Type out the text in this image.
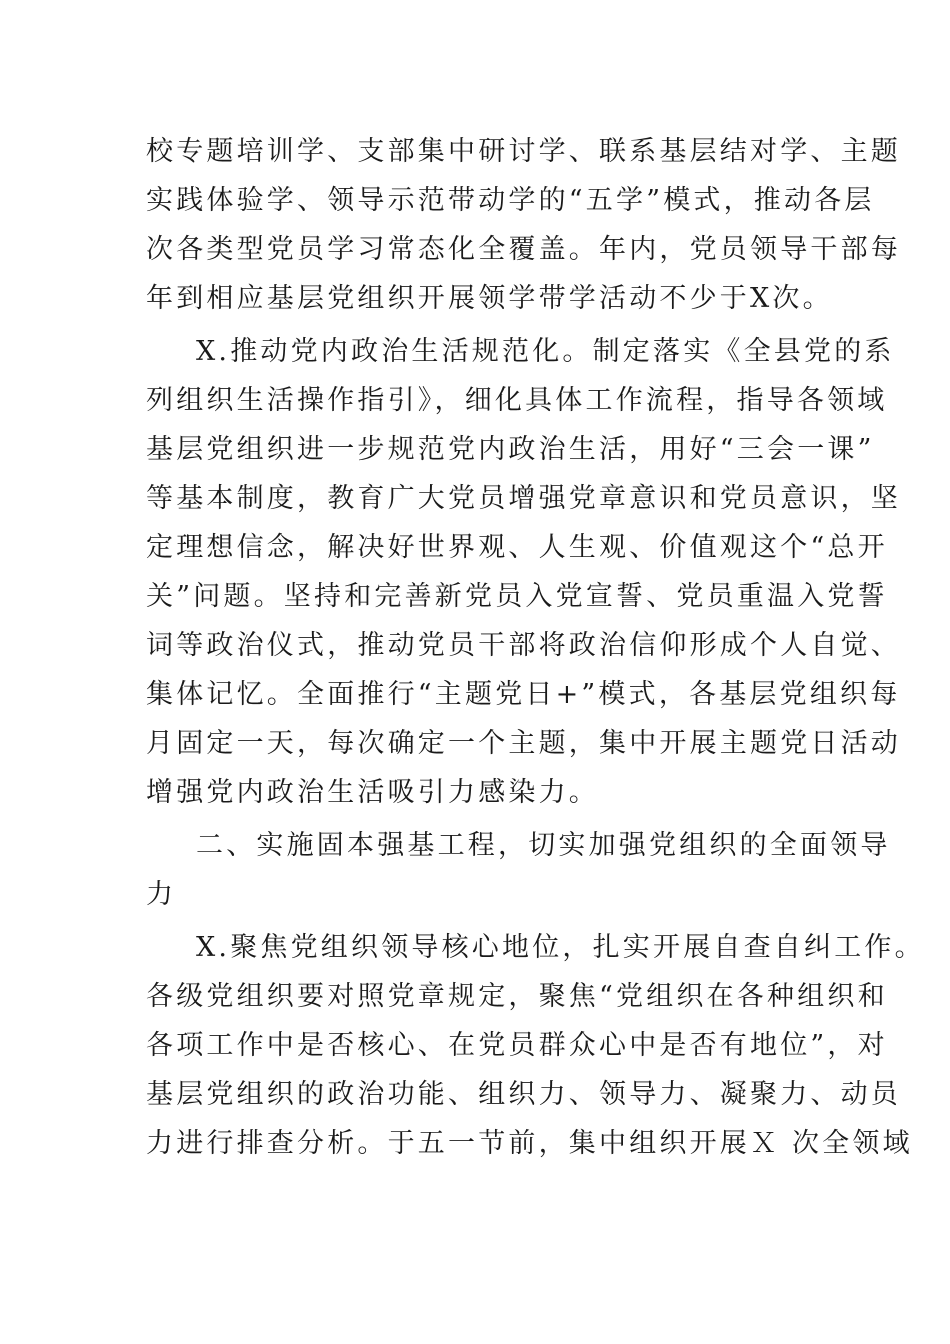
校专题培训学、支部集中研讨学、联系基层结对学、主题
实践体验学、领导示范带动学的“五学”模式，推动各层
次各类型党员学习常态化全覆盖。年内，党员领导干部每
年到相应基层党组织开展领学带学活动不少于Ⅹ次。
X.推动党内政治生活规范化。制定落实《全县党的系
列组织生活操作指引》，细化具体工作流程，指导各领域
基层党组织进一步规范党内政治生活，用好“三会一课”
等基本制度，教育广大党员增强党章意识和党员意识，坚
定理想信念，解决好世界观、人生观、价值观这个“总开
关”问题。坚持和完善新党员入党宣誓、党员重温入党誓
词等政治仪式，推动党员干部将政治信仰形成个人自觉、
集体记忆。全面推行“主题党日+”模式，各基层党组织每
月固定一天，每次确定一个主题，集中开展主题党日活动
增强党内政治生活吸引力感染力。
二、实施固本强基工程，切实加强党组织的全面领导
力
X.聚焦党组织领导核心地位，扎实开展自查自纠工作。
各级党组织要对照党章规定，聚焦“党组织在各种组织和
各项工作中是否核心、在党员群众心中是否有地位”，对
基层党组织的政治功能、组织力、领导力、凝聚力、动员
力进行排查分析。于五一节前，集中组织开展Ｘ 次全领域
